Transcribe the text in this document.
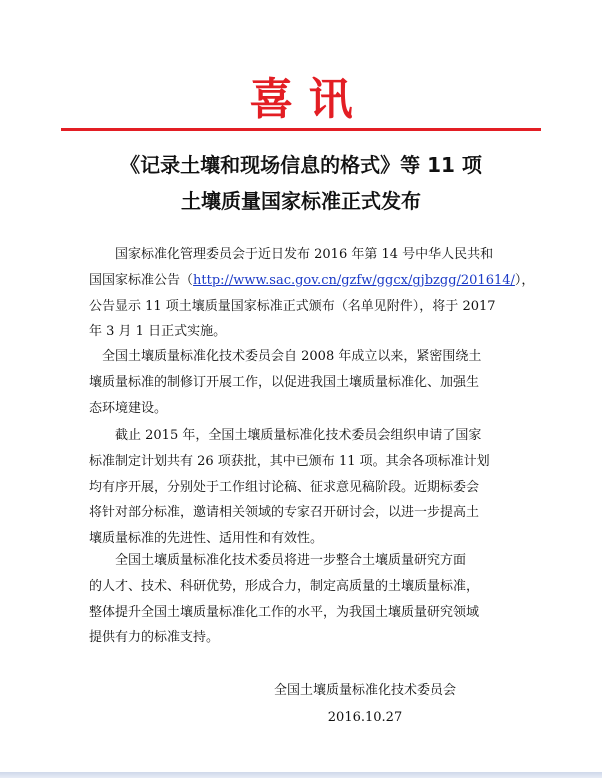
喜 讯
《记录土壤和现场信息的格式》等 11 项
土壤质量国家标准正式发布
国家标准化管理委员会于近日发布 2016 年第 14 号中华人民共和
国国家标准公告（http://www.sac.gov.cn/gzfw/ggcx/gjbzgg/201614/），
公告显示 11 项土壤质量国家标准正式颁布（名单见附件），将于 2017
年 3 月 1 日正式实施。
全国土壤质量标准化技术委员会自 2008 年成立以来，紧密围绕土
壤质量标准的制修订开展工作，以促进我国土壤质量标准化、加强生
态环境建设。
截止 2015 年，全国土壤质量标准化技术委员会组织申请了国家
标准制定计划共有 26 项获批，其中已颁布 11 项。其余各项标准计划
均有序开展，分别处于工作组讨论稿、征求意见稿阶段。近期标委会
将针对部分标准，邀请相关领域的专家召开研讨会，以进一步提高土
壤质量标准的先进性、适用性和有效性。
全国土壤质量标准化技术委员将进一步整合土壤质量研究方面
的人才、技术、科研优势，形成合力，制定高质量的土壤质量标准，
整体提升全国土壤质量标准化工作的水平，为我国土壤质量研究领域
提供有力的标准支持。
全国土壤质量标准化技术委员会
2016.10.27
